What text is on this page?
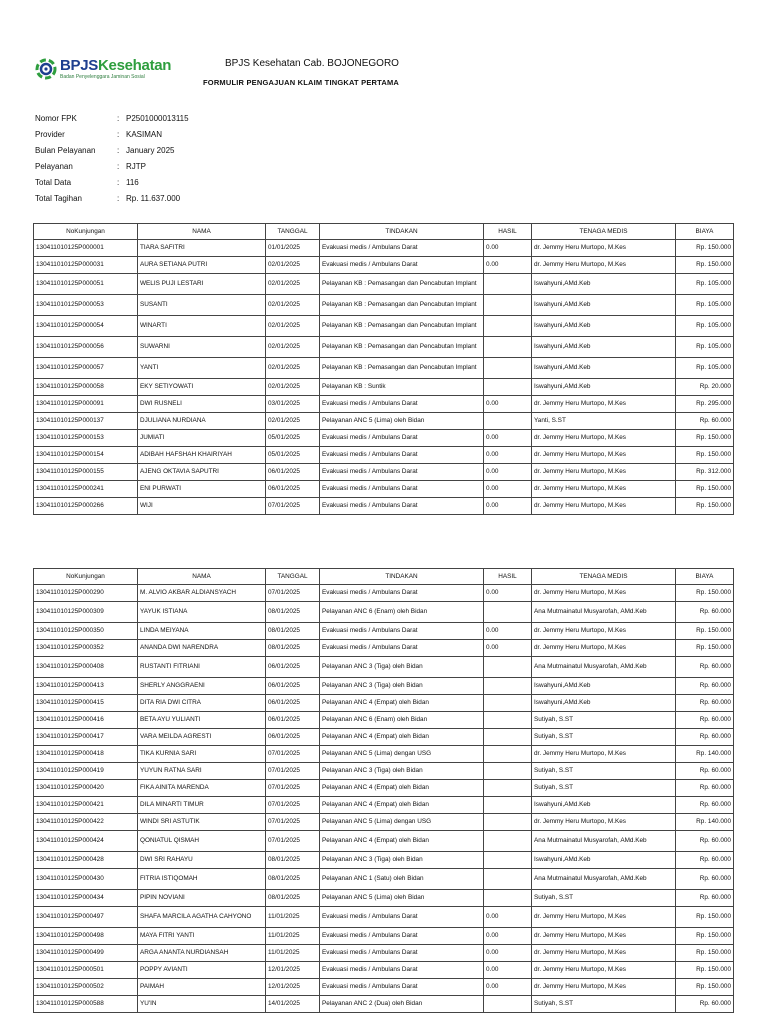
BPJSKesehatan
Badan Penyelenggara Jaminan Sosial
BPJS Kesehatan Cab. BOJONEGORO
FORMULIR PENGAJUAN KLAIM TINGKAT PERTAMA
Nomor FPK	: P2501000013115
Provider	: KASIMAN
Bulan Pelayanan	: January 2025
Pelayanan	: RJTP
Total Data	: 116
Total Tagihan	: Rp. 11.637.000
NoKunjungan	NAMA	TANGGAL	TINDAKAN	HASIL	TENAGA MEDIS	BIAYA
130411010125P000001	TIARA SAFITRI	01/01/2025	Evakuasi medis / Ambulans Darat	0.00	dr. Jemmy Heru Murtopo, M.Kes	Rp. 150.000
130411010125P000031	AURA SETIANA PUTRI	02/01/2025	Evakuasi medis / Ambulans Darat	0.00	dr. Jemmy Heru Murtopo, M.Kes	Rp. 150.000
130411010125P000051	WELIS PUJI LESTARI	02/01/2025	Pelayanan KB : Pemasangan dan Pencabutan Implant		Iswahyuni,AMd.Keb	Rp. 105.000
130411010125P000053	SUSANTI	02/01/2025	Pelayanan KB : Pemasangan dan Pencabutan Implant		Iswahyuni,AMd.Keb	Rp. 105.000
130411010125P000054	WINARTI	02/01/2025	Pelayanan KB : Pemasangan dan Pencabutan Implant		Iswahyuni,AMd.Keb	Rp. 105.000
130411010125P000056	SUWARNI	02/01/2025	Pelayanan KB : Pemasangan dan Pencabutan Implant		Iswahyuni,AMd.Keb	Rp. 105.000
130411010125P000057	YANTI	02/01/2025	Pelayanan KB : Pemasangan dan Pencabutan Implant		Iswahyuni,AMd.Keb	Rp. 105.000
130411010125P000058	EKY SETIYOWATI	02/01/2025	Pelayanan KB : Suntik		Iswahyuni,AMd.Keb	Rp. 20.000
130411010125P000091	DWI RUSNELI	03/01/2025	Evakuasi medis / Ambulans Darat	0.00	dr. Jemmy Heru Murtopo, M.Kes	Rp. 295.000
130411010125P000137	DJULIANA NURDIANA	02/01/2025	Pelayanan ANC 5 (Lima) oleh Bidan		Yanti, S.ST	Rp. 60.000
130411010125P000153	JUMIATI	05/01/2025	Evakuasi medis / Ambulans Darat	0.00	dr. Jemmy Heru Murtopo, M.Kes	Rp. 150.000
130411010125P000154	ADIBAH HAFSHAH KHAIRIYAH	05/01/2025	Evakuasi medis / Ambulans Darat	0.00	dr. Jemmy Heru Murtopo, M.Kes	Rp. 150.000
130411010125P000155	AJENG OKTAVIA SAPUTRI	06/01/2025	Evakuasi medis / Ambulans Darat	0.00	dr. Jemmy Heru Murtopo, M.Kes	Rp. 312.000
130411010125P000241	ENI PURWATI	06/01/2025	Evakuasi medis / Ambulans Darat	0.00	dr. Jemmy Heru Murtopo, M.Kes	Rp. 150.000
130411010125P000266	WIJI	07/01/2025	Evakuasi medis / Ambulans Darat	0.00	dr. Jemmy Heru Murtopo, M.Kes	Rp. 150.000
NoKunjungan	NAMA	TANGGAL	TINDAKAN	HASIL	TENAGA MEDIS	BIAYA
130411010125P000290	M. ALVIO AKBAR ALDIANSYACH	07/01/2025	Evakuasi medis / Ambulans Darat	0.00	dr. Jemmy Heru Murtopo, M.Kes	Rp. 150.000
130411010125P000309	YAYUK ISTIANA	08/01/2025	Pelayanan ANC 6 (Enam) oleh Bidan		Ana Mutmainatul Musyarofah, AMd.Keb	Rp. 60.000
130411010125P000350	LINDA MEIYANA	08/01/2025	Evakuasi medis / Ambulans Darat	0.00	dr. Jemmy Heru Murtopo, M.Kes	Rp. 150.000
130411010125P000352	ANANDA DWI NARENDRA	08/01/2025	Evakuasi medis / Ambulans Darat	0.00	dr. Jemmy Heru Murtopo, M.Kes	Rp. 150.000
130411010125P000408	RUSTANTI FITRIANI	06/01/2025	Pelayanan ANC 3 (Tiga) oleh Bidan		Ana Mutmainatul Musyarofah, AMd.Keb	Rp. 60.000
130411010125P000413	SHERLY ANGGRAENI	06/01/2025	Pelayanan ANC 3 (Tiga) oleh Bidan		Iswahyuni,AMd.Keb	Rp. 60.000
130411010125P000415	DITA RIA DWI CITRA	06/01/2025	Pelayanan ANC 4 (Empat) oleh Bidan		Iswahyuni,AMd.Keb	Rp. 60.000
130411010125P000416	BETA AYU YULIANTI	06/01/2025	Pelayanan ANC 6 (Enam) oleh Bidan		Sutiyah, S.ST	Rp. 60.000
130411010125P000417	VARA MEILDA AGRESTI	06/01/2025	Pelayanan ANC 4 (Empat) oleh Bidan		Sutiyah, S.ST	Rp. 60.000
130411010125P000418	TIKA KURNIA SARI	07/01/2025	Pelayanan ANC 5 (Lima) dengan USG		dr. Jemmy Heru Murtopo, M.Kes	Rp. 140.000
130411010125P000419	YUYUN RATNA SARI	07/01/2025	Pelayanan ANC 3 (Tiga) oleh Bidan		Sutiyah, S.ST	Rp. 60.000
130411010125P000420	FIKA AINITA MARENDA	07/01/2025	Pelayanan ANC 4 (Empat) oleh Bidan		Sutiyah, S.ST	Rp. 60.000
130411010125P000421	DILA MINARTI TIMUR	07/01/2025	Pelayanan ANC 4 (Empat) oleh Bidan		Iswahyuni,AMd.Keb	Rp. 60.000
130411010125P000422	WINDI SRI ASTUTIK	07/01/2025	Pelayanan ANC 5 (Lima) dengan USG		dr. Jemmy Heru Murtopo, M.Kes	Rp. 140.000
130411010125P000424	QONIATUL QISMAH	07/01/2025	Pelayanan ANC 4 (Empat) oleh Bidan		Ana Mutmainatul Musyarofah, AMd.Keb	Rp. 60.000
130411010125P000428	DWI SRI RAHAYU	08/01/2025	Pelayanan ANC 3 (Tiga) oleh Bidan		Iswahyuni,AMd.Keb	Rp. 60.000
130411010125P000430	FITRIA ISTIQOMAH	08/01/2025	Pelayanan ANC 1 (Satu) oleh Bidan		Ana Mutmainatul Musyarofah, AMd.Keb	Rp. 60.000
130411010125P000434	PIPIN NOVIANI	08/01/2025	Pelayanan ANC 5 (Lima) oleh Bidan		Sutiyah, S.ST	Rp. 60.000
130411010125P000497	SHAFA MARCILA AGATHA CAHYONO	11/01/2025	Evakuasi medis / Ambulans Darat	0.00	dr. Jemmy Heru Murtopo, M.Kes	Rp. 150.000
130411010125P000498	MAYA FITRI YANTI	11/01/2025	Evakuasi medis / Ambulans Darat	0.00	dr. Jemmy Heru Murtopo, M.Kes	Rp. 150.000
130411010125P000499	ARGA ANANTA NURDIANSAH	11/01/2025	Evakuasi medis / Ambulans Darat	0.00	dr. Jemmy Heru Murtopo, M.Kes	Rp. 150.000
130411010125P000501	POPPY AVIANTI	12/01/2025	Evakuasi medis / Ambulans Darat	0.00	dr. Jemmy Heru Murtopo, M.Kes	Rp. 150.000
130411010125P000502	PAIMAH	12/01/2025	Evakuasi medis / Ambulans Darat	0.00	dr. Jemmy Heru Murtopo, M.Kes	Rp. 150.000
130411010125P000588	YU'IN	14/01/2025	Pelayanan ANC 2 (Dua) oleh Bidan		Sutiyah, S.ST	Rp. 60.000
